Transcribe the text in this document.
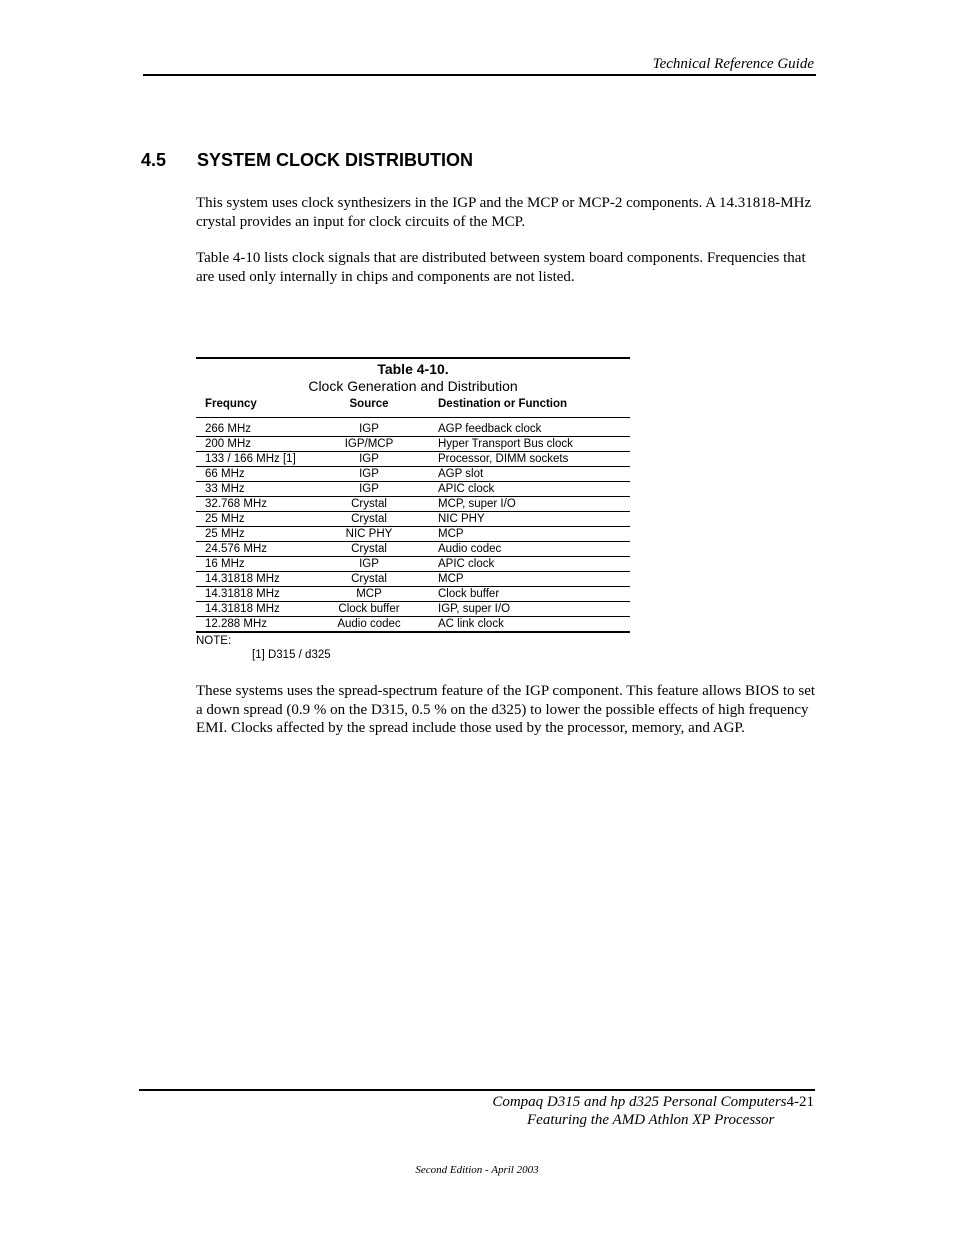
Technical Reference Guide
4.5 SYSTEM CLOCK DISTRIBUTION
This system uses clock synthesizers in the IGP and the MCP or MCP-2 components. A 14.31818-MHz crystal provides an input for clock circuits of the MCP.
Table 4-10 lists clock signals that are distributed between system board components. Frequencies that are used only internally in chips and components are not listed.
Table 4-10.
Clock Generation and Distribution
Frequncy	Source	Destination or Function

266 MHz	IGP	AGP feedback clock
200 MHz	IGP/MCP	Hyper Transport Bus clock
133 / 166 MHz [1]	IGP	Processor, DIMM sockets
66 MHz	IGP	AGP slot
33 MHz	IGP	APIC clock
32.768 MHz	Crystal	MCP, super I/O
25 MHz	Crystal	NIC PHY
25 MHz	NIC PHY	MCP
24.576 MHz	Crystal	Audio codec
16 MHz	IGP	APIC clock
14.31818 MHz	Crystal	MCP
14.31818 MHz	MCP	Clock buffer
14.31818 MHz	Clock buffer	IGP, super I/O
12.288 MHz	Audio codec	AC link clock
NOTE:
[1] D315 / d325
These systems uses the spread-spectrum feature of the IGP component. This feature allows BIOS to set a down spread (0.9 % on the D315, 0.5 % on the d325) to lower the possible effects of high frequency EMI. Clocks affected by the spread include those used by the processor, memory, and AGP.
Compaq D315 and hp d325 Personal Computers4-21
Featuring the AMD Athlon XP Processor
Second Edition - April 2003
